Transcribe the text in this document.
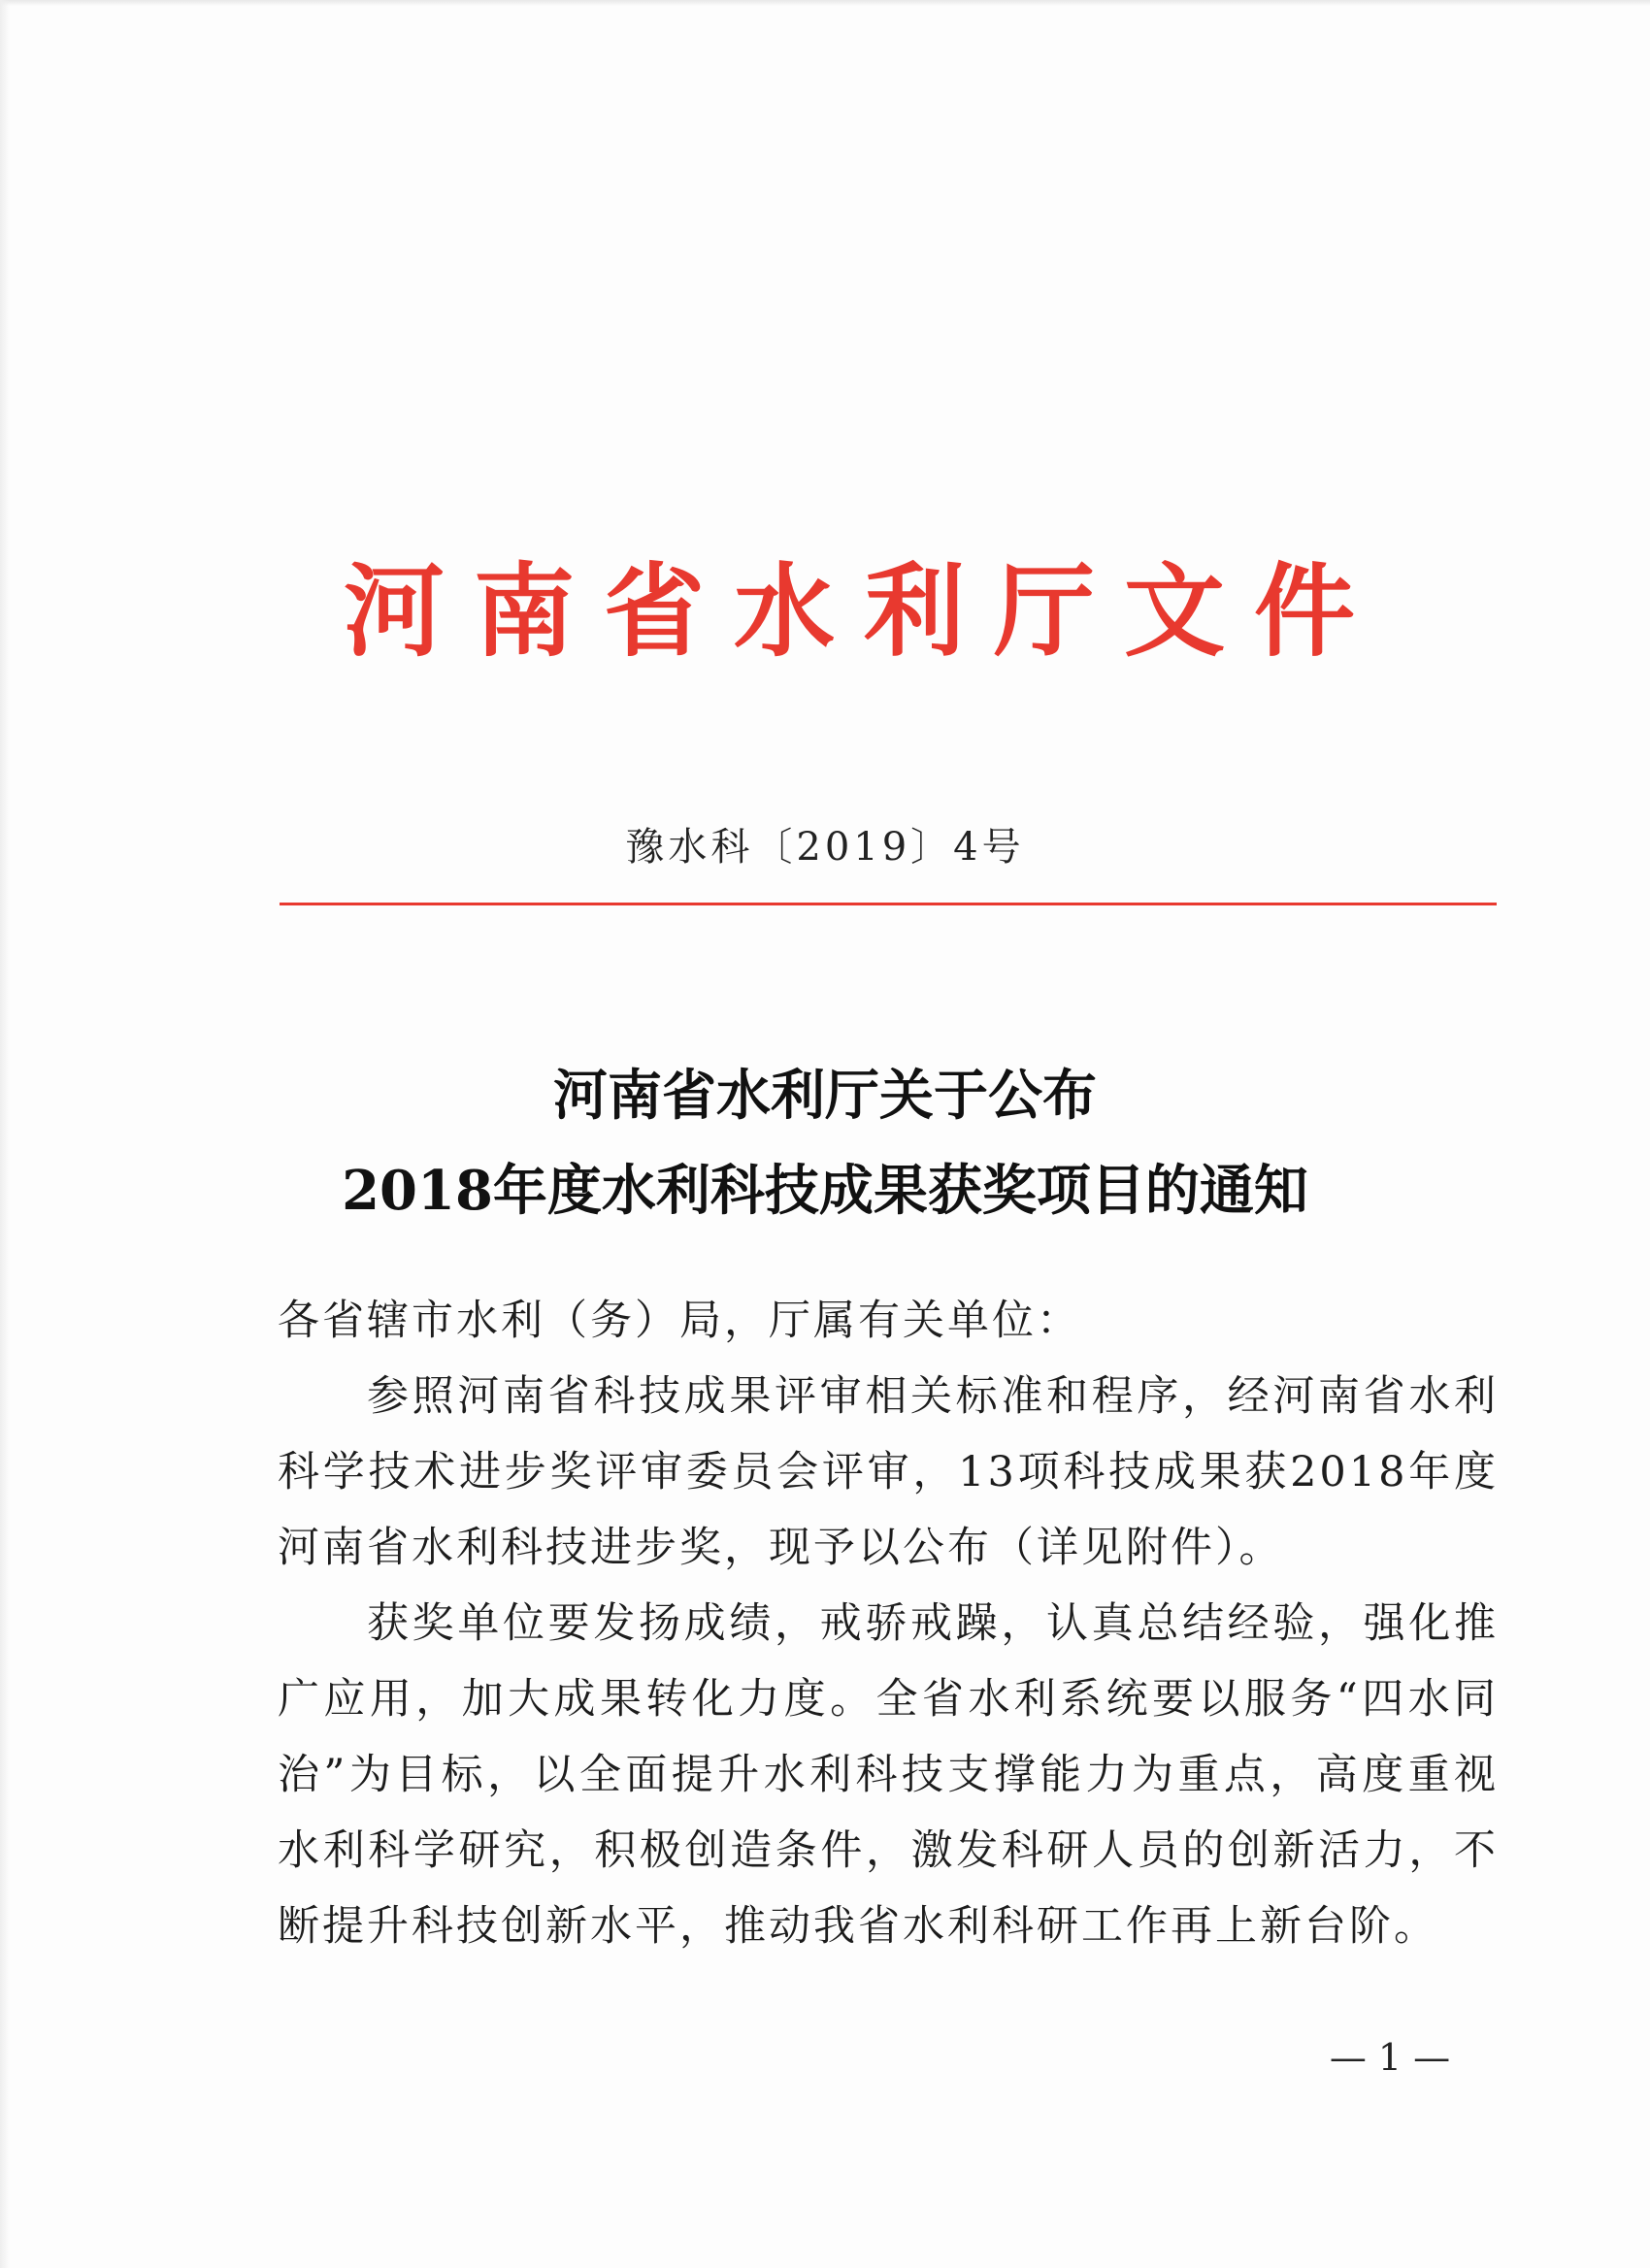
河南省水利厅文件
豫水科〔2019〕4号
河南省水利厅关于公布
2018年度水利科技成果获奖项目的通知

各省辖市水利（务）局，厅属有关单位：

参照河南省科技成果评审相关标准和程序，经河南省水利科学技术进步奖评审委员会评审，13项科技成果获2018年度河南省水利科技进步奖，现予以公布（详见附件）。

获奖单位要发扬成绩，戒骄戒躁，认真总结经验，强化推广应用，加大成果转化力度。全省水利系统要以服务“四水同治”为目标，以全面提升水利科技支撑能力为重点，高度重视水利科学研究，积极创造条件，激发科研人员的创新活力，不断提升科技创新水平，推动我省水利科研工作再上新台阶。

— 1 —
